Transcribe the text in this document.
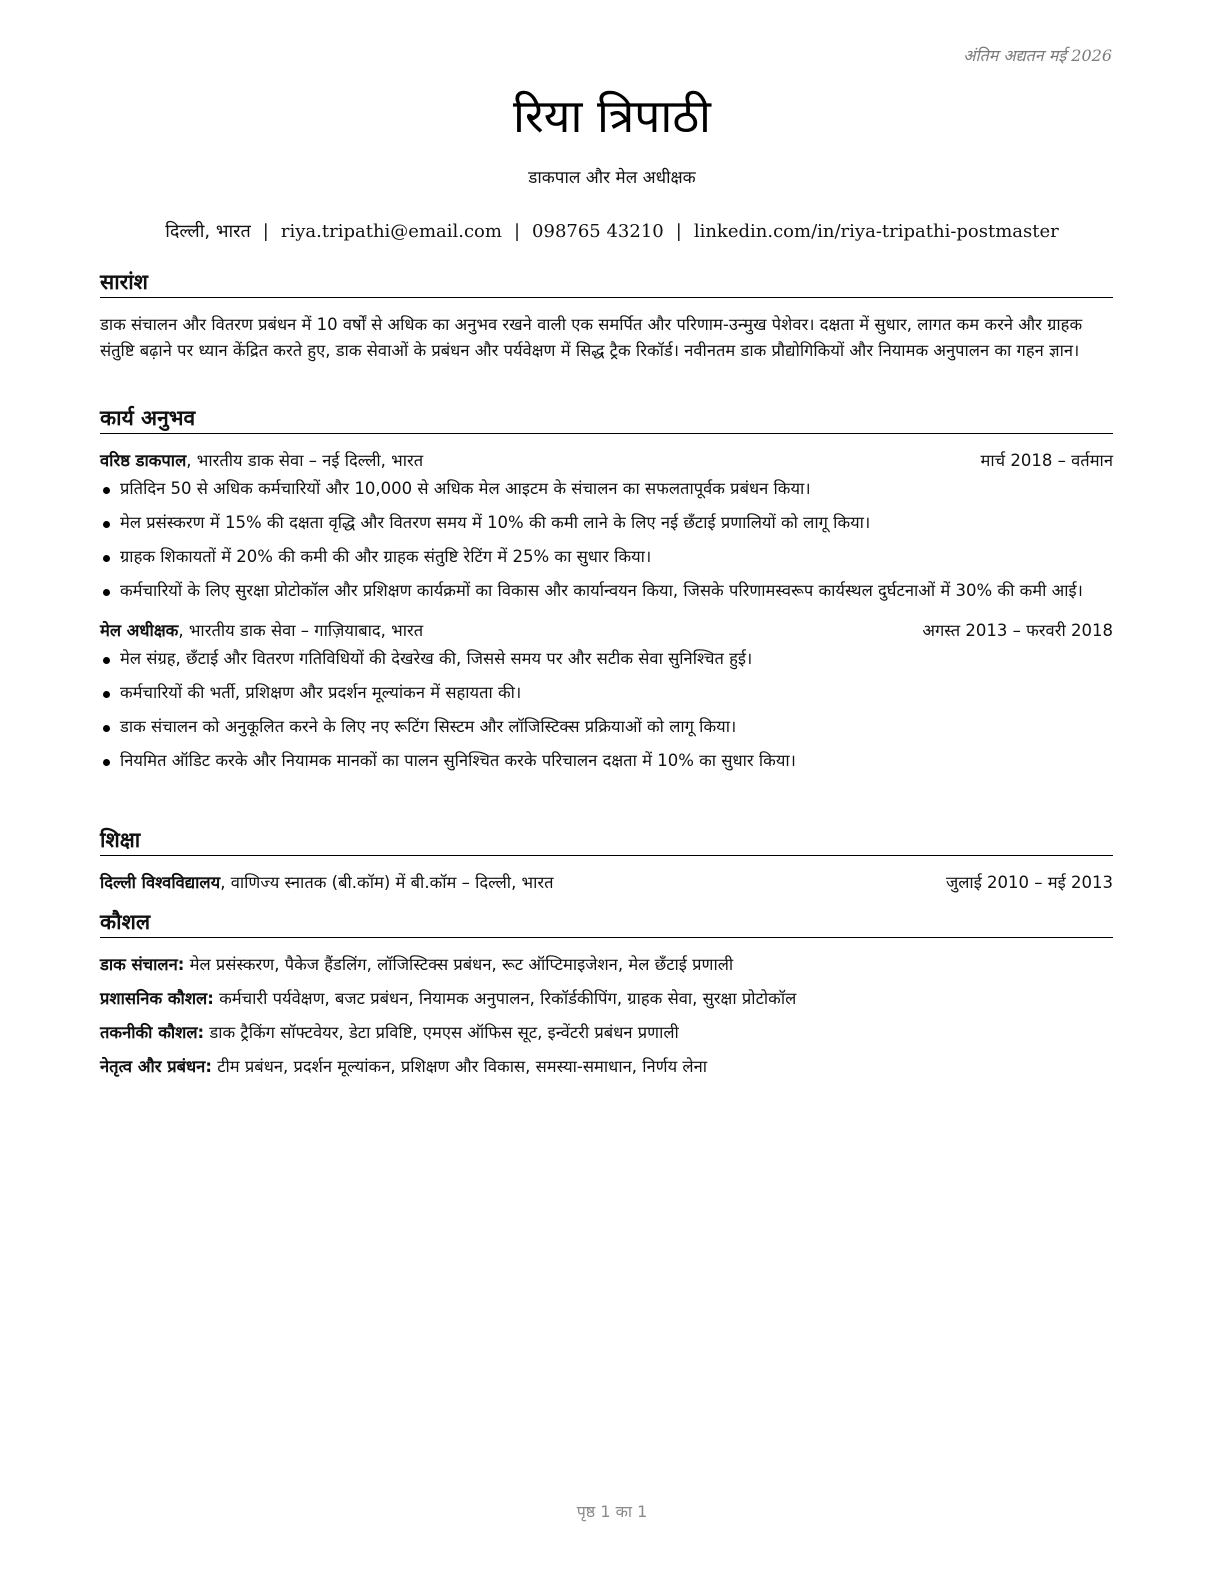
अंतिम अद्यतन मई 2026
रिया त्रिपाठी
डाकपाल और मेल अधीक्षक
दिल्ली, भारत | riya.tripathi@email.com | 098765 43210 | linkedin.com/in/riya-tripathi-postmaster
सारांश
डाक संचालन और वितरण प्रबंधन में 10 वर्षों से अधिक का अनुभव रखने वाली एक समर्पित और परिणाम-उन्मुख पेशेवर। दक्षता में सुधार, लागत कम करने और ग्राहक संतुष्टि बढ़ाने पर ध्यान केंद्रित करते हुए, डाक सेवाओं के प्रबंधन और पर्यवेक्षण में सिद्ध ट्रैक रिकॉर्ड। नवीनतम डाक प्रौद्योगिकियों और नियामक अनुपालन का गहन ज्ञान।
कार्य अनुभव
वरिष्ठ डाकपाल, भारतीय डाक सेवा – नई दिल्ली, भारत	मार्च 2018 – वर्तमान
प्रतिदिन 50 से अधिक कर्मचारियों और 10,000 से अधिक मेल आइटम के संचालन का सफलतापूर्वक प्रबंधन किया।
मेल प्रसंस्करण में 15% की दक्षता वृद्धि और वितरण समय में 10% की कमी लाने के लिए नई छँटाई प्रणालियों को लागू किया।
ग्राहक शिकायतों में 20% की कमी की और ग्राहक संतुष्टि रेटिंग में 25% का सुधार किया।
कर्मचारियों के लिए सुरक्षा प्रोटोकॉल और प्रशिक्षण कार्यक्रमों का विकास और कार्यान्वयन किया, जिसके परिणामस्वरूप कार्यस्थल दुर्घटनाओं में 30% की कमी आई।
मेल अधीक्षक, भारतीय डाक सेवा – गाज़ियाबाद, भारत	अगस्त 2013 – फरवरी 2018
मेल संग्रह, छँटाई और वितरण गतिविधियों की देखरेख की, जिससे समय पर और सटीक सेवा सुनिश्चित हुई।
कर्मचारियों की भर्ती, प्रशिक्षण और प्रदर्शन मूल्यांकन में सहायता की।
डाक संचालन को अनुकूलित करने के लिए नए रूटिंग सिस्टम और लॉजिस्टिक्स प्रक्रियाओं को लागू किया।
नियमित ऑडिट करके और नियामक मानकों का पालन सुनिश्चित करके परिचालन दक्षता में 10% का सुधार किया।
शिक्षा
दिल्ली विश्वविद्यालय, वाणिज्य स्नातक (बी.कॉम) में बी.कॉम – दिल्ली, भारत	जुलाई 2010 – मई 2013
कौशल
डाक संचालन: मेल प्रसंस्करण, पैकेज हैंडलिंग, लॉजिस्टिक्स प्रबंधन, रूट ऑप्टिमाइजेशन, मेल छँटाई प्रणाली
प्रशासनिक कौशल: कर्मचारी पर्यवेक्षण, बजट प्रबंधन, नियामक अनुपालन, रिकॉर्डकीपिंग, ग्राहक सेवा, सुरक्षा प्रोटोकॉल
तकनीकी कौशल: डाक ट्रैकिंग सॉफ्टवेयर, डेटा प्रविष्टि, एमएस ऑफिस सूट, इन्वेंटरी प्रबंधन प्रणाली
नेतृत्व और प्रबंधन: टीम प्रबंधन, प्रदर्शन मूल्यांकन, प्रशिक्षण और विकास, समस्या-समाधान, निर्णय लेना
पृष्ठ 1 का 1
